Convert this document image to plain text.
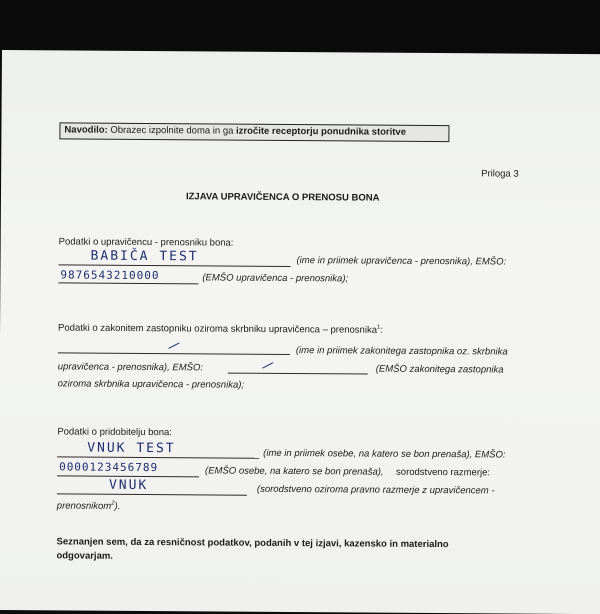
Navodilo: Obrazec izpolnite doma in ga izročite receptorju ponudnika storitve
Priloga 3
IZJAVA UPRAVIČENCA O PRENOSU BONA
Podatki o upravičencu - prenosniku bona:
BABIČA TEST	(ime in priimek upravičenca - prenosnika), EMŠO:
9876543210000	(EMŠO upravičenca - prenosnika);
Podatki o zakonitem zastopniku oziroma skrbniku upravičenca – prenosnika$^1$:
(ime in priimek zakonitega zastopnika oz. skrbnika
upravičenca - prenosnika), EMŠO:	(EMŠO zakonitega zastopnika
oziroma skrbnika upravičenca - prenosnika);
Podatki o pridobitelju bona:
VNUK TEST	(ime in priimek osebe, na katero se bon prenaša), EMŠO:
0000123456789	(EMŠO osebe, na katero se bon prenaša), sorodstveno razmerje:
VNUK	(sorodstveno oziroma pravno razmerje z upravičencem -
prenosnikom$^2$).
Seznanjen sem, da za resničnost podatkov, podanih v tej izjavi, kazensko in materialno
odgovarjam.
